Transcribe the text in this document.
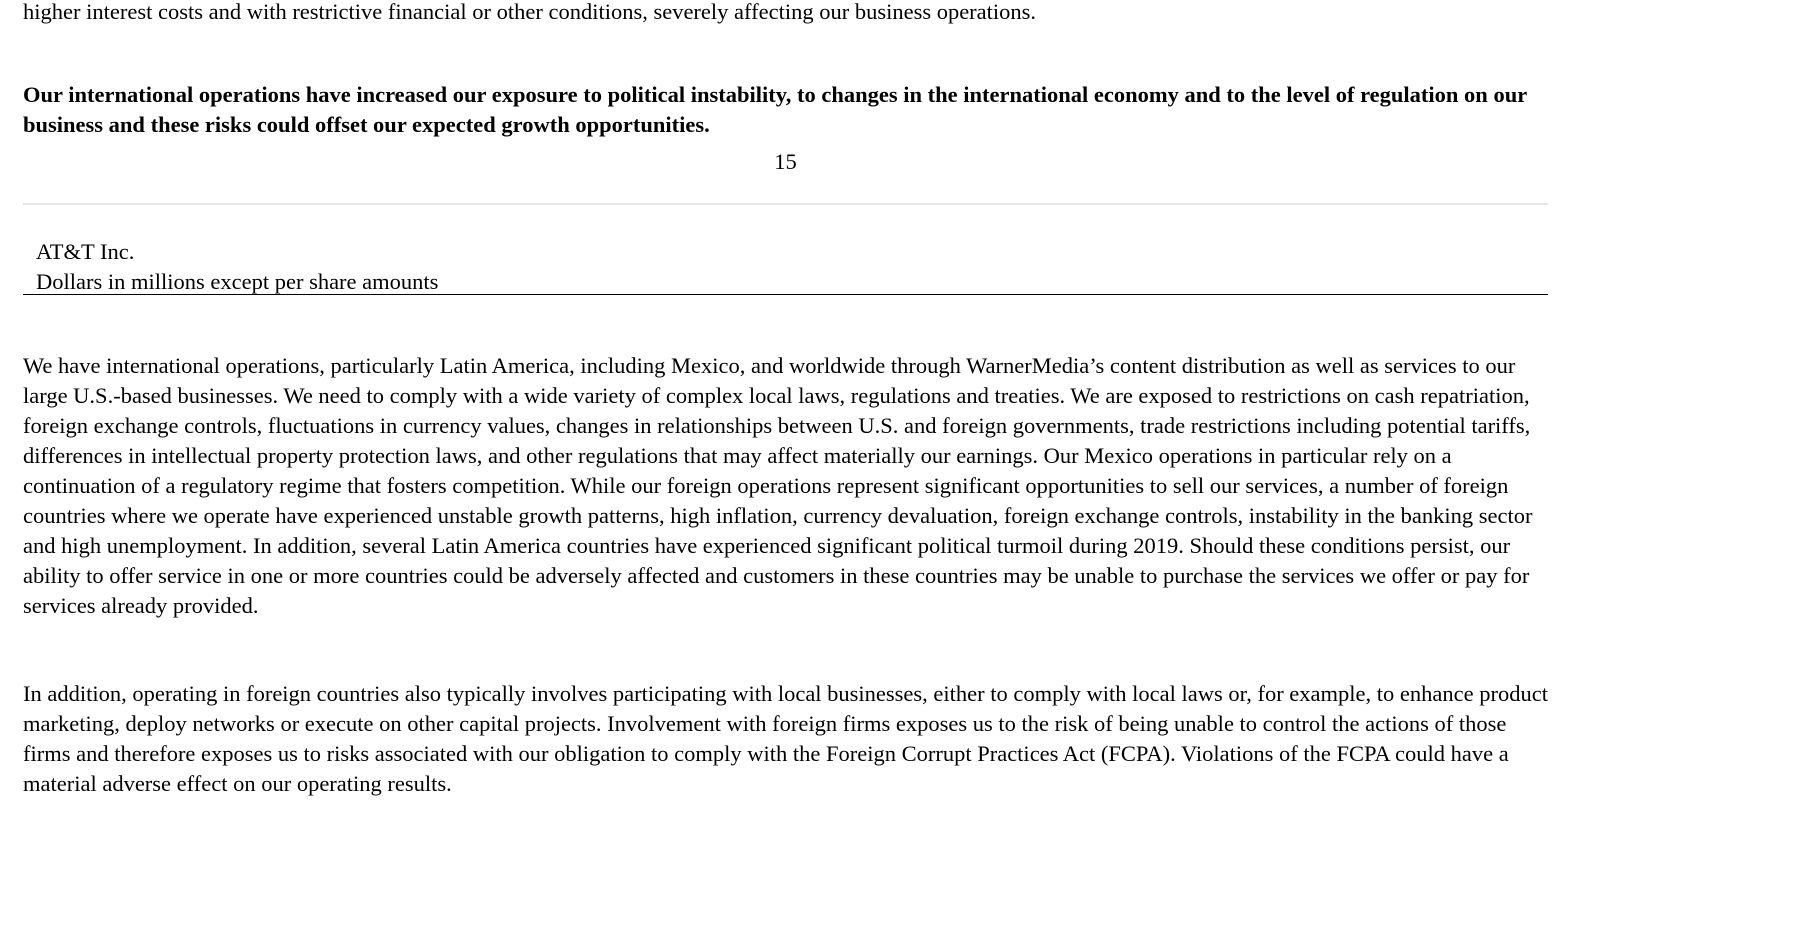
higher interest costs and with restrictive financial or other conditions, severely affecting our business operations.

Our international operations have increased our exposure to political instability, to changes in the international economy and to the level of regulation on our business and these risks could offset our expected growth opportunities.

15
AT&T Inc.
Dollars in millions except per share amounts

We have international operations, particularly Latin America, including Mexico, and worldwide through WarnerMedia’s content distribution as well as services to our large U.S.-based businesses. We need to comply with a wide variety of complex local laws, regulations and treaties. We are exposed to restrictions on cash repatriation, foreign exchange controls, fluctuations in currency values, changes in relationships between U.S. and foreign governments, trade restrictions including potential tariffs, differences in intellectual property protection laws, and other regulations that may affect materially our earnings. Our Mexico operations in particular rely on a continuation of a regulatory regime that fosters competition. While our foreign operations represent significant opportunities to sell our services, a number of foreign countries where we operate have experienced unstable growth patterns, high inflation, currency devaluation, foreign exchange controls, instability in the banking sector and high unemployment. In addition, several Latin America countries have experienced significant political turmoil during 2019. Should these conditions persist, our ability to offer service in one or more countries could be adversely affected and customers in these countries may be unable to purchase the services we offer or pay for services already provided.

In addition, operating in foreign countries also typically involves participating with local businesses, either to comply with local laws or, for example, to enhance product marketing, deploy networks or execute on other capital projects. Involvement with foreign firms exposes us to the risk of being unable to control the actions of those firms and therefore exposes us to risks associated with our obligation to comply with the Foreign Corrupt Practices Act (FCPA). Violations of the FCPA could have a material adverse effect on our operating results.
